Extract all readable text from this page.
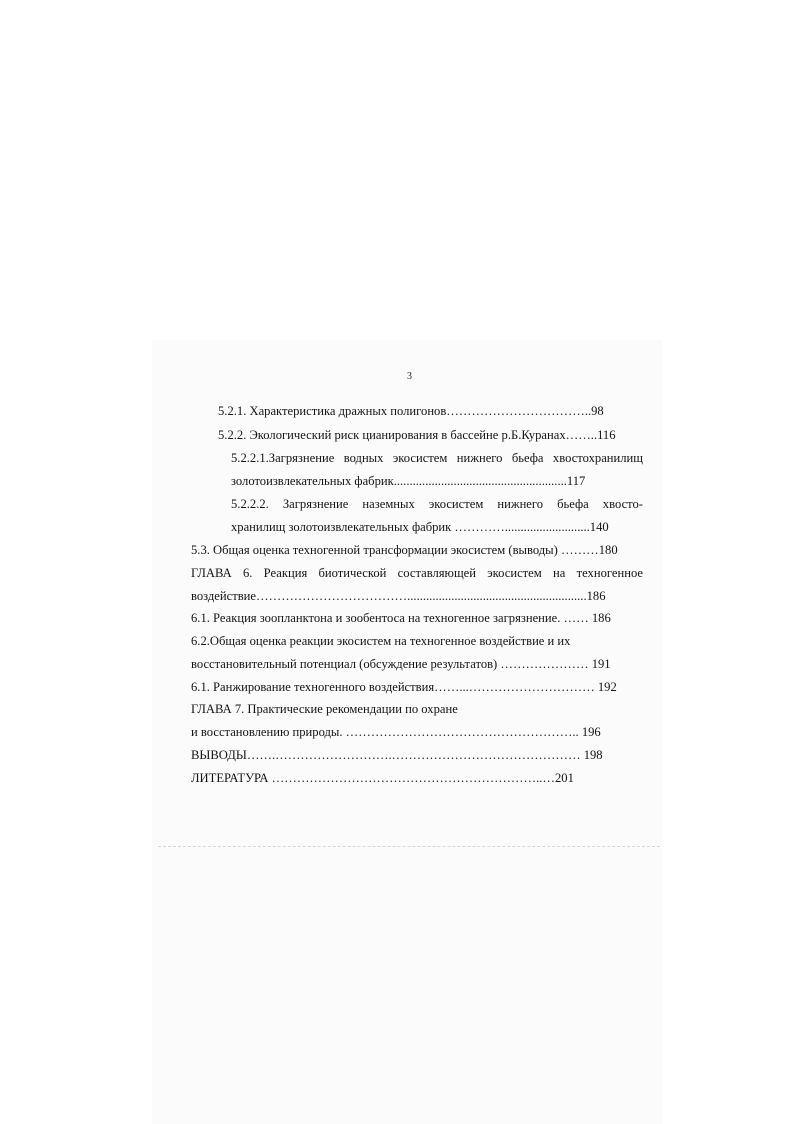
3
5.2.1. Характеристика дражных полигонов……………………………..98
5.2.2. Экологический риск цианирования в бассейне р.Б.Куранах……..116
5.2.2.1.Загрязнение водных экосистем нижнего бьефа хвостохранилищ
золотоизвлекательных фабрик.......................................................117
5.2.2.2. Загрязнение наземных экосистем нижнего бьефа хвосто-
хранилищ золотоизвлекательных фабрик …………...........................140
5.3. Общая оценка техногенной трансформации экосистем (выводы) ………180
ГЛАВА 6. Реакция биотической составляющей экосистем на техногенное
воздействие……………………………….........................................................186
6.1. Реакция зоопланктона и зообентоса на техногенное загрязнение. …… 186
6.2.Общая оценка реакции экосистем на техногенное воздействие и их
восстановительный потенциал (обсуждение результатов) ………………… 191
6.1. Ранжирование техногенного воздействия……...………………………… 192
ГЛАВА 7. Практические рекомендации по охране
и восстановлению природы. ……………………………………………….. 196
ВЫВОДЫ…….……………………….……………………………………… 198
ЛИТЕРАТУРА ………………………………………………………..…201
